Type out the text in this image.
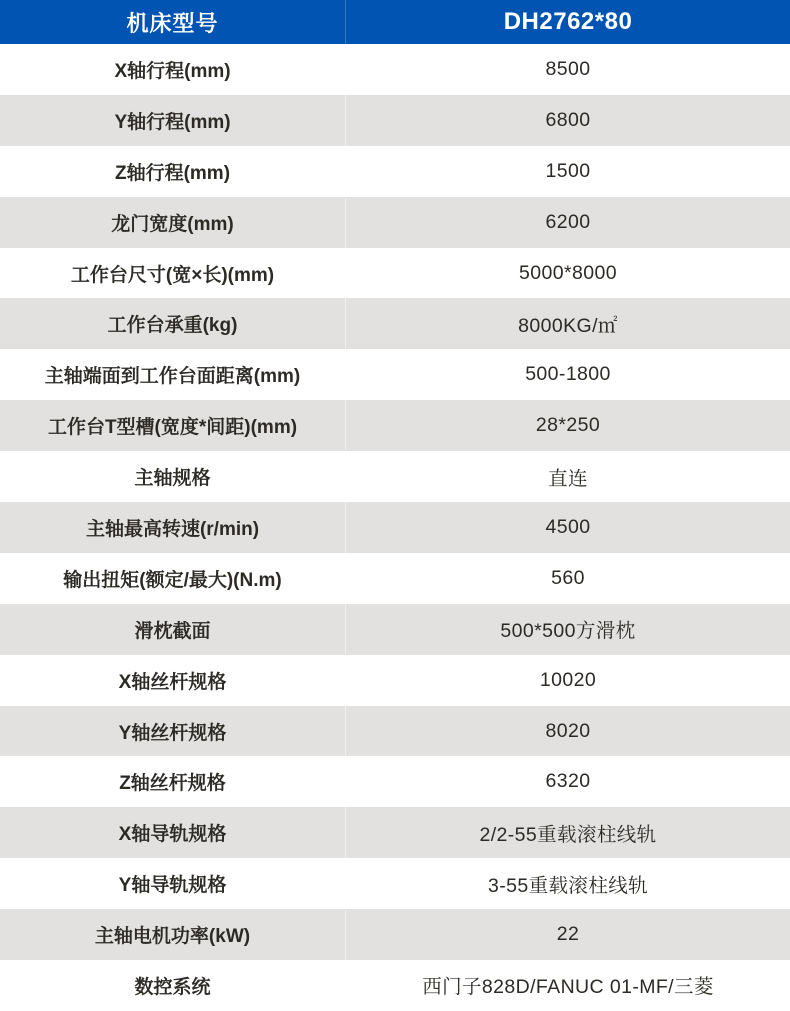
机床型号	DH2762*80
X轴行程(mm)	8500
Y轴行程(mm)	6800
Z轴行程(mm)	1500
龙门宽度(mm)	6200
工作台尺寸(宽×长)(mm)	5000*8000
工作台承重(kg)	8000KG/㎡
主轴端面到工作台面距离(mm)	500-1800
工作台T型槽(宽度*间距)(mm)	28*250
主轴规格	直连
主轴最高转速(r/min)	4500
输出扭矩(额定/最大)(N.m)	560
滑枕截面	500*500方滑枕
X轴丝杆规格	10020
Y轴丝杆规格	8020
Z轴丝杆规格	6320
X轴导轨规格	2/2-55重载滚柱线轨
Y轴导轨规格	3-55重载滚柱线轨
主轴电机功率(kW)	22
数控系统	西门子828D/FANUC 01-MF/三菱
